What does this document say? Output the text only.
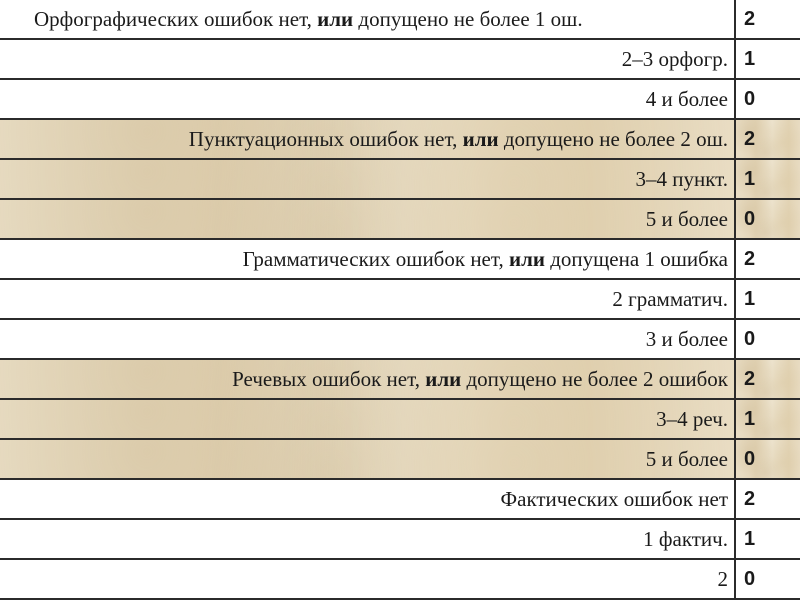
Орфографических ошибок нет, или допущено не более 1 ош.	2
2–3 орфогр.	1
4 и более	0
Пунктуационных ошибок нет, или допущено не более 2 ош.	2
3–4 пункт.	1
5 и более	0
Грамматических ошибок нет, или допущена 1 ошибка	2
2 грамматич.	1
3 и более	0
Речевых ошибок нет, или допущено не более 2 ошибок	2
3–4 реч.	1
5 и более	0
Фактических ошибок нет	2
1 фактич.	1
2	0
